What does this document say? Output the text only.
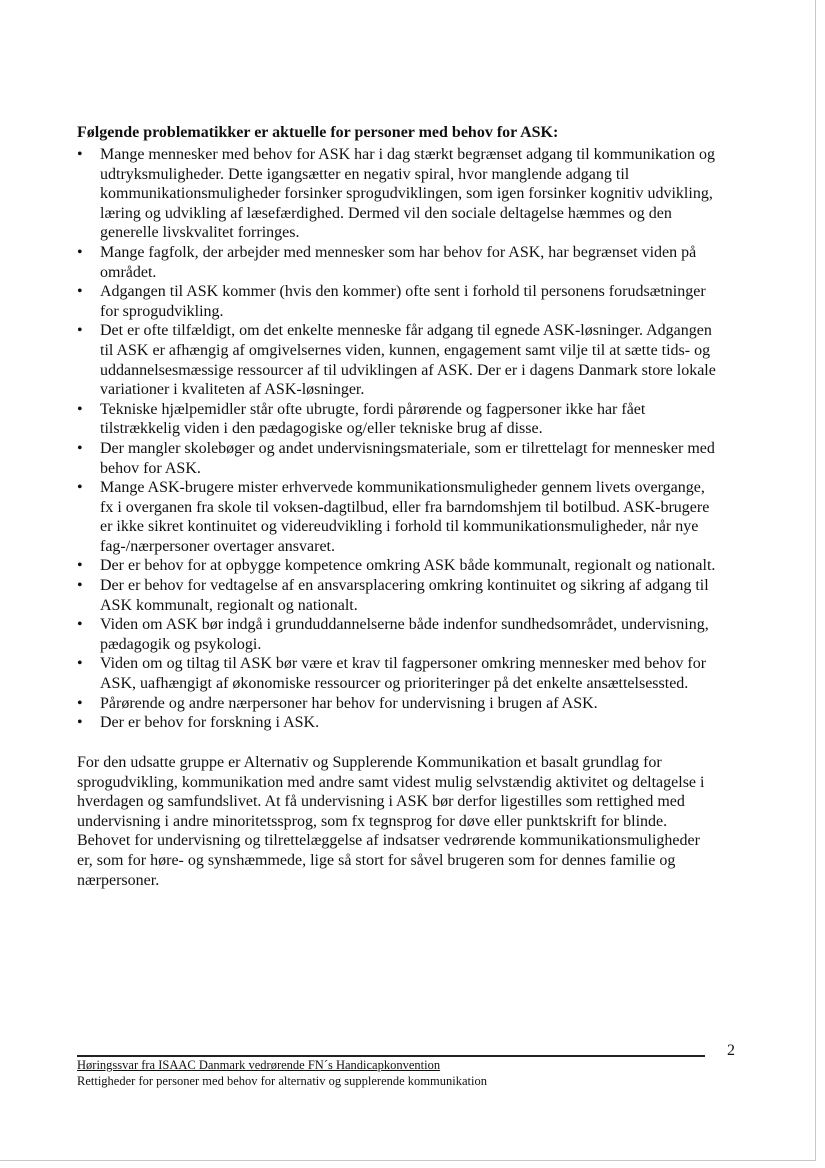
Følgende problematikker er aktuelle for personer med behov for ASK:
• Mange mennesker med behov for ASK har i dag stærkt begrænset adgang til kommunikation og
udtryksmuligheder. Dette igangsætter en negativ spiral, hvor manglende adgang til
kommunikationsmuligheder forsinker sprogudviklingen, som igen forsinker kognitiv udvikling,
læring og udvikling af læsefærdighed. Dermed vil den sociale deltagelse hæmmes og den
generelle livskvalitet forringes.
• Mange fagfolk, der arbejder med mennesker som har behov for ASK, har begrænset viden på
området.
• Adgangen til ASK kommer (hvis den kommer) ofte sent i forhold til personens forudsætninger
for sprogudvikling.
• Det er ofte tilfældigt, om det enkelte menneske får adgang til egnede ASK-løsninger. Adgangen
til ASK er afhængig af omgivelsernes viden, kunnen, engagement samt vilje til at sætte tids- og
uddannelsesmæssige ressourcer af til udviklingen af ASK. Der er i dagens Danmark store lokale
variationer i kvaliteten af ASK-løsninger.
• Tekniske hjælpemidler står ofte ubrugte, fordi pårørende og fagpersoner ikke har fået
tilstrækkelig viden i den pædagogiske og/eller tekniske brug af disse.
• Der mangler skolebøger og andet undervisningsmateriale, som er tilrettelagt for mennesker med
behov for ASK.
• Mange ASK-brugere mister erhvervede kommunikationsmuligheder gennem livets overgange,
fx i overganen fra skole til voksen-dagtilbud, eller fra barndomshjem til botilbud. ASK-brugere
er ikke sikret kontinuitet og videreudvikling i forhold til kommunikationsmuligheder, når nye
fag-/nærpersoner overtager ansvaret.
• Der er behov for at opbygge kompetence omkring ASK både kommunalt, regionalt og nationalt.
• Der er behov for vedtagelse af en ansvarsplacering omkring kontinuitet og sikring af adgang til
ASK kommunalt, regionalt og nationalt.
• Viden om ASK bør indgå i grunduddannelserne både indenfor sundhedsområdet, undervisning,
pædagogik og psykologi.
• Viden om og tiltag til ASK bør være et krav til fagpersoner omkring mennesker med behov for
ASK, uafhængigt af økonomiske ressourcer og prioriteringer på det enkelte ansættelsessted.
• Pårørende og andre nærpersoner har behov for undervisning i brugen af ASK.
• Der er behov for forskning i ASK.
For den udsatte gruppe er Alternativ og Supplerende Kommunikation et basalt grundlag for
sprogudvikling, kommunikation med andre samt videst mulig selvstændig aktivitet og deltagelse i
hverdagen og samfundslivet. At få undervisning i ASK bør derfor ligestilles som rettighed med
undervisning i andre minoritetssprog, som fx tegnsprog for døve eller punktskrift for blinde.
Behovet for undervisning og tilrettelæggelse af indsatser vedrørende kommunikationsmuligheder
er, som for høre- og synshæmmede, lige så stort for såvel brugeren som for dennes familie og
nærpersoner.
2
Høringssvar fra ISAAC Danmark vedrørende FN´s Handicapkonvention
Rettigheder for personer med behov for alternativ og supplerende kommunikation
